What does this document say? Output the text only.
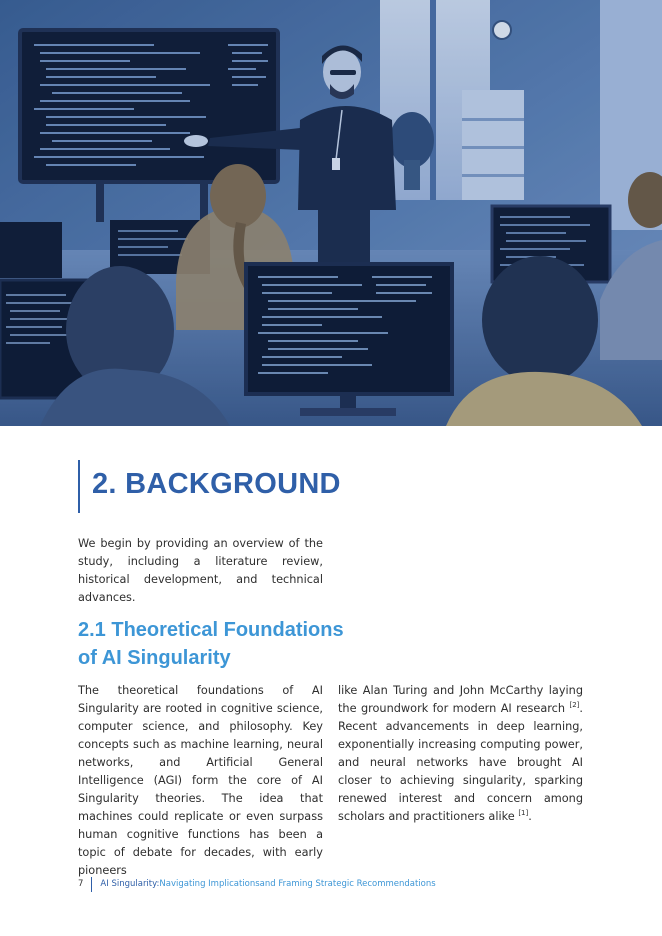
2. BACKGROUND

We begin by providing an overview of the study, including a literature review, historical development, and technical advances.

2.1 Theoretical Foundations
of AI Singularity

The theoretical foundations of AI Singularity are rooted in cognitive science, computer science, and philosophy. Key concepts such as machine learning, neural networks, and Artificial General Intelligence (AGI) form the core of AI Singularity theories. The idea that machines could replicate or even surpass human cognitive functions has been a topic of debate for decades, with early pioneers

like Alan Turing and John McCarthy laying the groundwork for modern AI research [2]. Recent advancements in deep learning, exponentially increasing computing power, and neural networks have brought AI closer to achieving singularity, sparking renewed interest and concern among scholars and practitioners alike [1].

7 AI Singularity: Navigating Implicationsand Framing Strategic Recommendations
